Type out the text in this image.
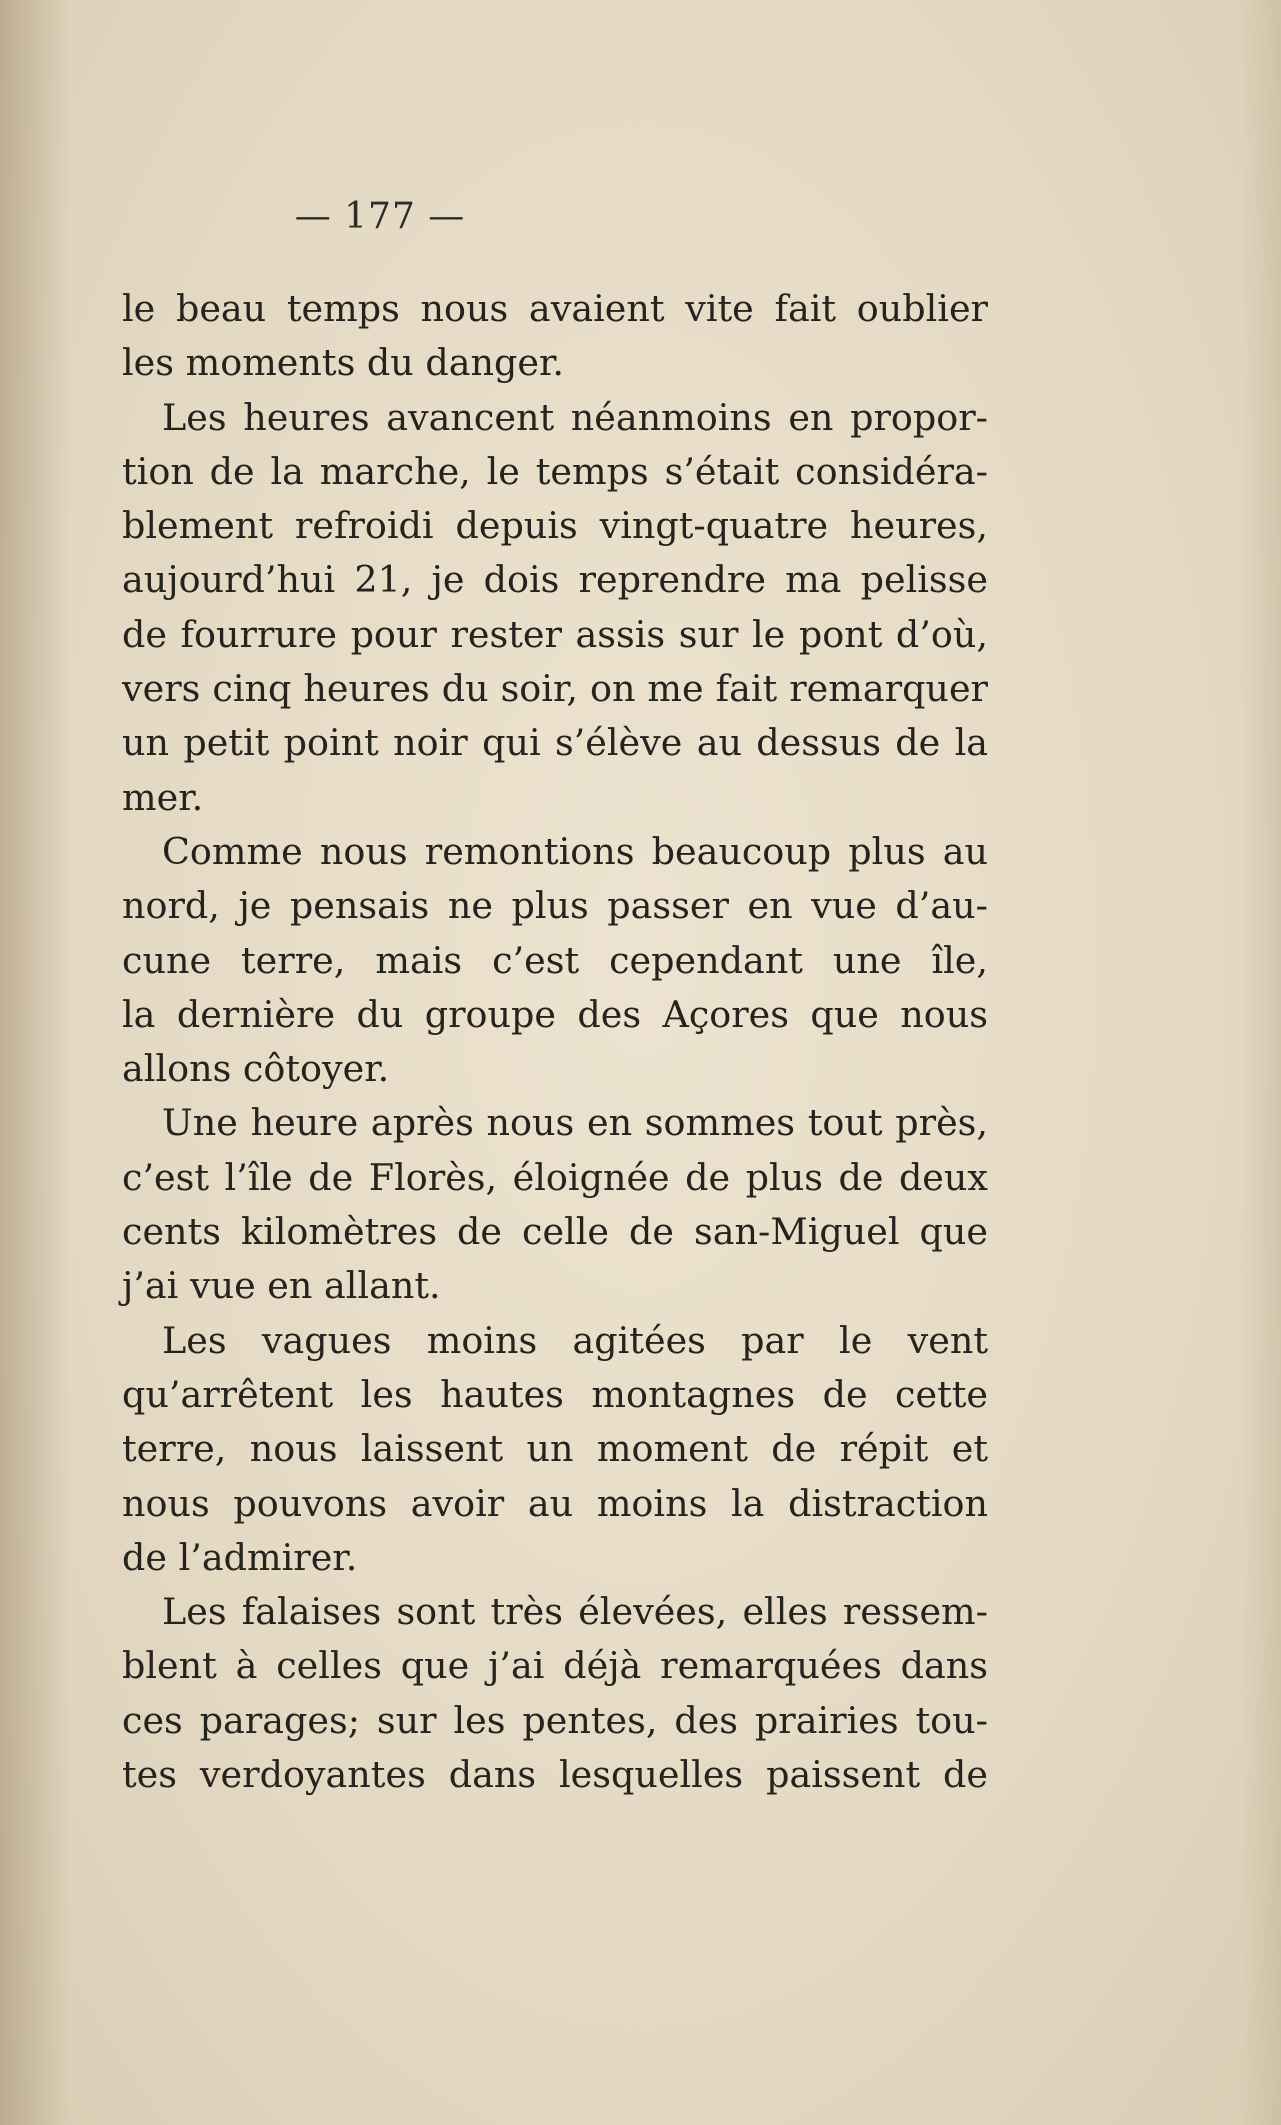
— 177 —
le beau temps nous avaient vite fait oublier
les moments du danger.
Les heures avancent néanmoins en propor-
tion de la marche, le temps s’était considéra-
blement refroidi depuis vingt-quatre heures,
aujourd’hui 21, je dois reprendre ma pelisse
de fourrure pour rester assis sur le pont d’où,
vers cinq heures du soir, on me fait remarquer
un petit point noir qui s’élève au dessus de la
mer.
Comme nous remontions beaucoup plus au
nord, je pensais ne plus passer en vue d’au-
cune terre, mais c’est cependant une île,
la dernière du groupe des Açores que nous
allons côtoyer.
Une heure après nous en sommes tout près,
c’est l’île de Florès, éloignée de plus de deux
cents kilomètres de celle de san-Miguel que
j’ai vue en allant.
Les vagues moins agitées par le vent
qu’arrêtent les hautes montagnes de cette
terre, nous laissent un moment de répit et
nous pouvons avoir au moins la distraction
de l’admirer.
Les falaises sont très élevées, elles ressem-
blent à celles que j’ai déjà remarquées dans
ces parages; sur les pentes, des prairies tou-
tes verdoyantes dans lesquelles paissent de
